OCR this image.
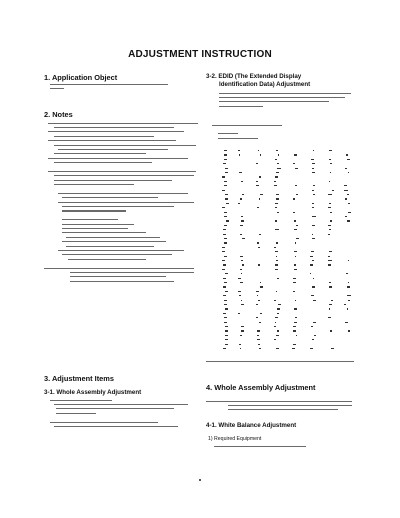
ADJUSTMENT INSTRUCTION
1. Application Object
2. Notes
3. Adjustment Items
3-1. Whole Assembly Adjustment
3-2. EDID (The Extended Display
Identification Data) Adjustment
4. Whole Assembly Adjustment
4-1. White Balance Adjustment
1) Required Equipment
